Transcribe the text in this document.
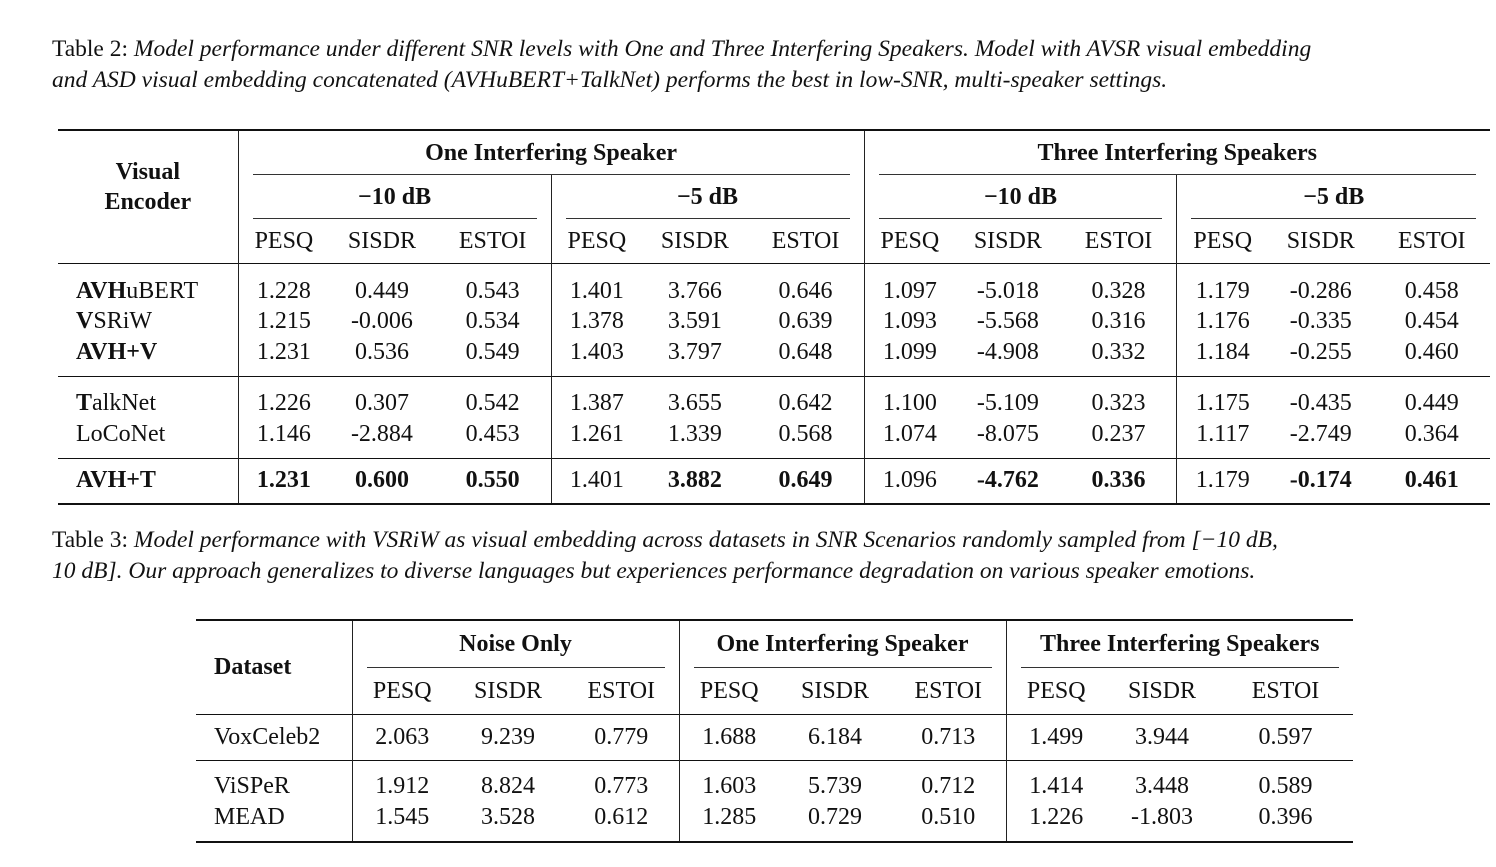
Table 2: Model performance under different SNR levels with One and Three Interfering Speakers. Model with AVSR visual embedding
and ASD visual embedding concatenated (AVHuBERT+TalkNet) performs the best in low-SNR, multi-speaker settings.
Visual
Encoder	One Interfering Speaker						Three Interfering Speakers					
	−10 dB			−5 dB			−10 dB			−5 dB		
	PESQ	SISDR	ESTOI	PESQ	SISDR	ESTOI	PESQ	SISDR	ESTOI	PESQ	SISDR	ESTOI
AVHuBERT	1.228	0.449	0.543	1.401	3.766	0.646	1.097	-5.018	0.328	1.179	-0.286	0.458
VSRiW	1.215	-0.006	0.534	1.378	3.591	0.639	1.093	-5.568	0.316	1.176	-0.335	0.454
AVH+V	1.231	0.536	0.549	1.403	3.797	0.648	1.099	-4.908	0.332	1.184	-0.255	0.460
TalkNet	1.226	0.307	0.542	1.387	3.655	0.642	1.100	-5.109	0.323	1.175	-0.435	0.449
LoCoNet	1.146	-2.884	0.453	1.261	1.339	0.568	1.074	-8.075	0.237	1.117	-2.749	0.364
AVH+T	1.231	0.600	0.550	1.401	3.882	0.649	1.096	-4.762	0.336	1.179	-0.174	0.461
Table 3: Model performance with VSRiW as visual embedding across datasets in SNR Scenarios randomly sampled from [−10 dB,
10 dB]. Our approach generalizes to diverse languages but experiences performance degradation on various speaker emotions.
Dataset	Noise Only			One Interfering Speaker			Three Interfering Speakers		
	PESQ	SISDR	ESTOI	PESQ	SISDR	ESTOI	PESQ	SISDR	ESTOI
VoxCeleb2	2.063	9.239	0.779	1.688	6.184	0.713	1.499	3.944	0.597
ViSPeR	1.912	8.824	0.773	1.603	5.739	0.712	1.414	3.448	0.589
MEAD	1.545	3.528	0.612	1.285	0.729	0.510	1.226	-1.803	0.396
